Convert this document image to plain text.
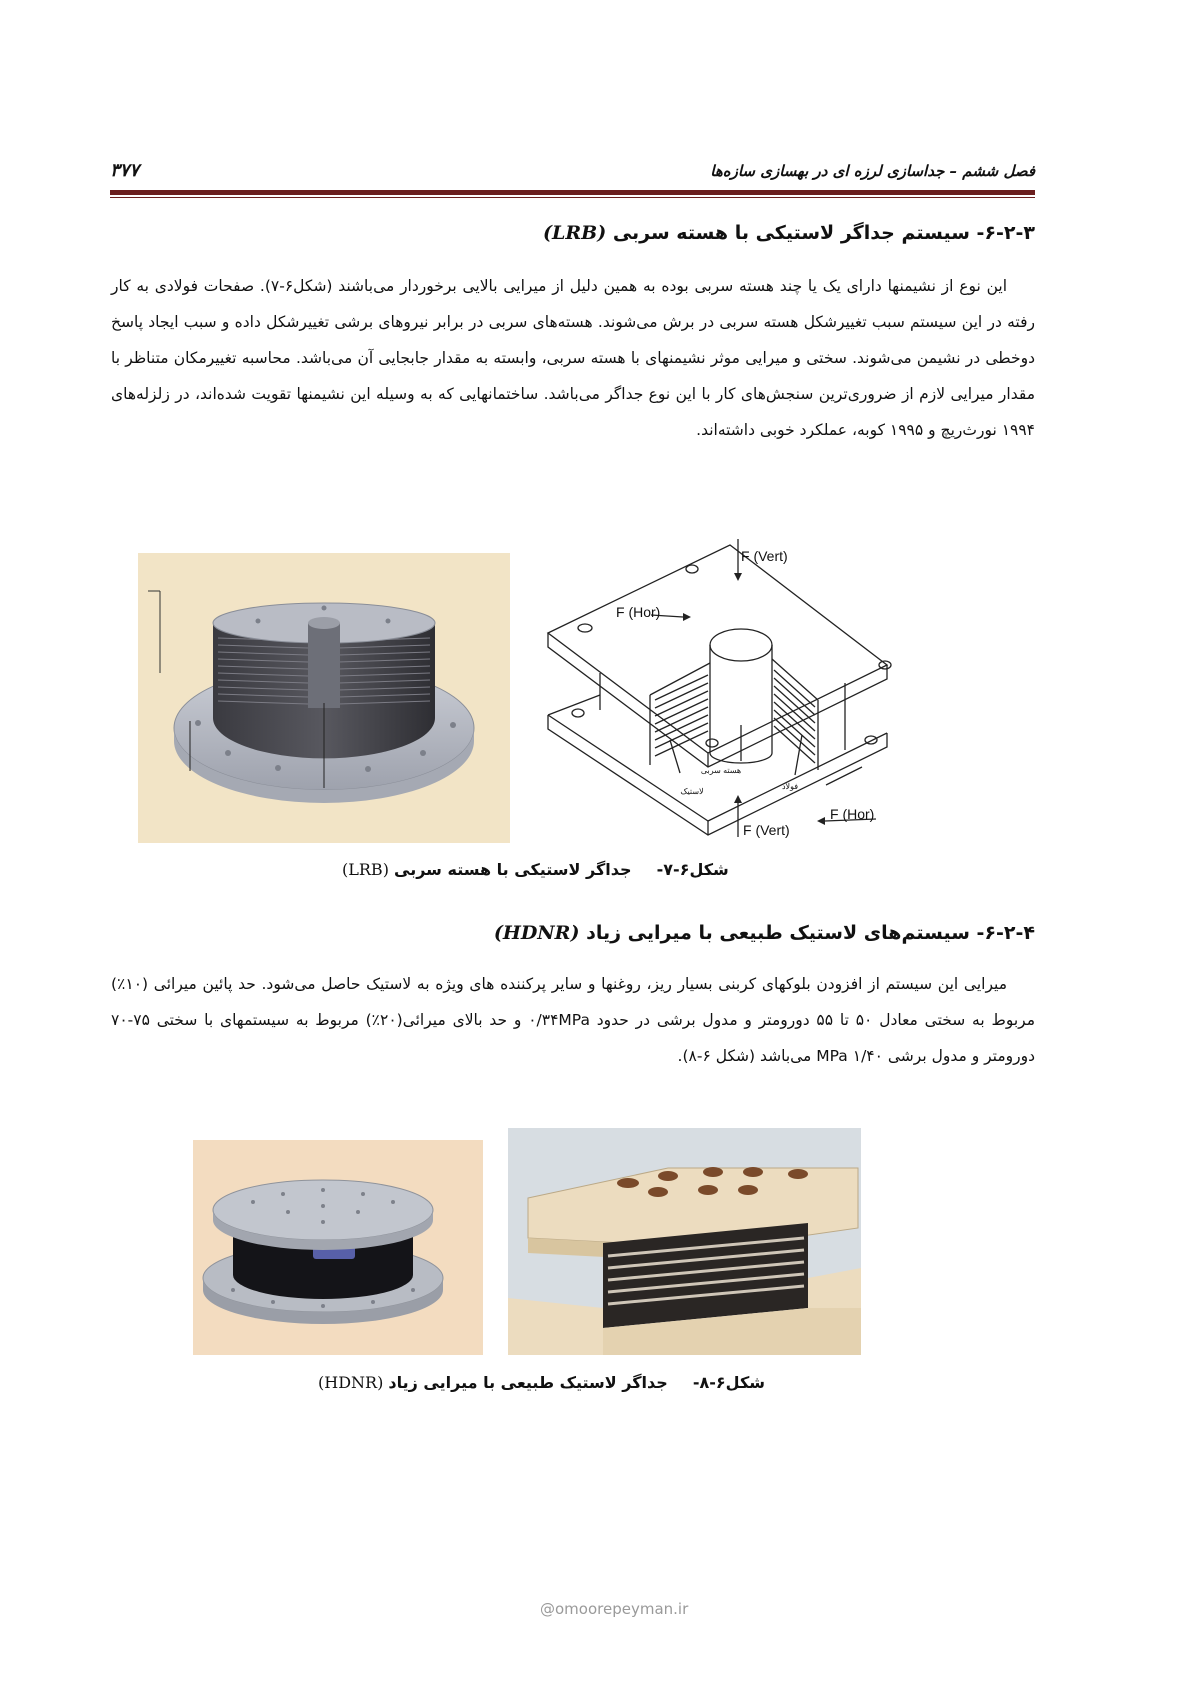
فصل ششم – جداسازی لرزه ای در بهسازی سازه‌ها
۳۷۷
۶-۲-۳- سیستم جداگر لاستیکی با هسته سربی (LRB)

این نوع از نشیمنها دارای یک یا چند هسته سربی بوده به همین دلیل از میرایی بالایی برخوردار می‌باشند (شکل۶-۷). صفحات فولادی به کار رفته در این سیستم سبب تغییرشکل هسته سربی در برش می‌شوند. هسته‌های سربی در برابر نیروهای برشی تغییرشکل داده و سبب ایجاد پاسخ دوخطی در نشیمن می‌شوند. سختی و میرایی موثر نشیمنهای با هسته سربی، وابسته به مقدار جابجایی آن می‌باشد. محاسبه تغییرمکان متناظر با مقدار میرایی لازم از ضروری‌ترین سنجش‌های کار با این نوع جداگر می‌باشد. ساختمانهایی که به وسیله این نشیمنها تقویت شده‌اند، در زلزله‌های ۱۹۹۴ نورث‌ریچ و ۱۹۹۵ کوبه، عملکرد خوبی داشته‌اند.

F (Vert)
F (Hor)
F (Hor)
F (Vert)
هسته سربی
فولاد
لاستیک
شکل۶-۷- جداگر لاستیکی با هسته سربی (LRB)
۶-۲-۴- سیستم‌های لاستیک طبیعی با میرایی زیاد (HDNR)

میرایی این سیستم از افزودن بلوکهای کربنی بسیار ریز، روغنها و سایر پرکننده های ویژه به لاستیک حاصل می‌شود. حد پائین میرائی (۱۰٪) مربوط به سختی معادل ۵۰ تا ۵۵ دورومتر و مدول برشی در حدود ۰/۳۴MPa و حد بالای میرائی(۲۰٪) مربوط به سیستمهای با سختی ۷۵-۷۰ دورومتر و مدول برشی ۱/۴۰ MPa می‌باشد (شکل ۶-۸).

شکل۶-۸- جداگر لاستیک طبیعی با میرایی زیاد (HDNR)
@omoorepeyman.ir
